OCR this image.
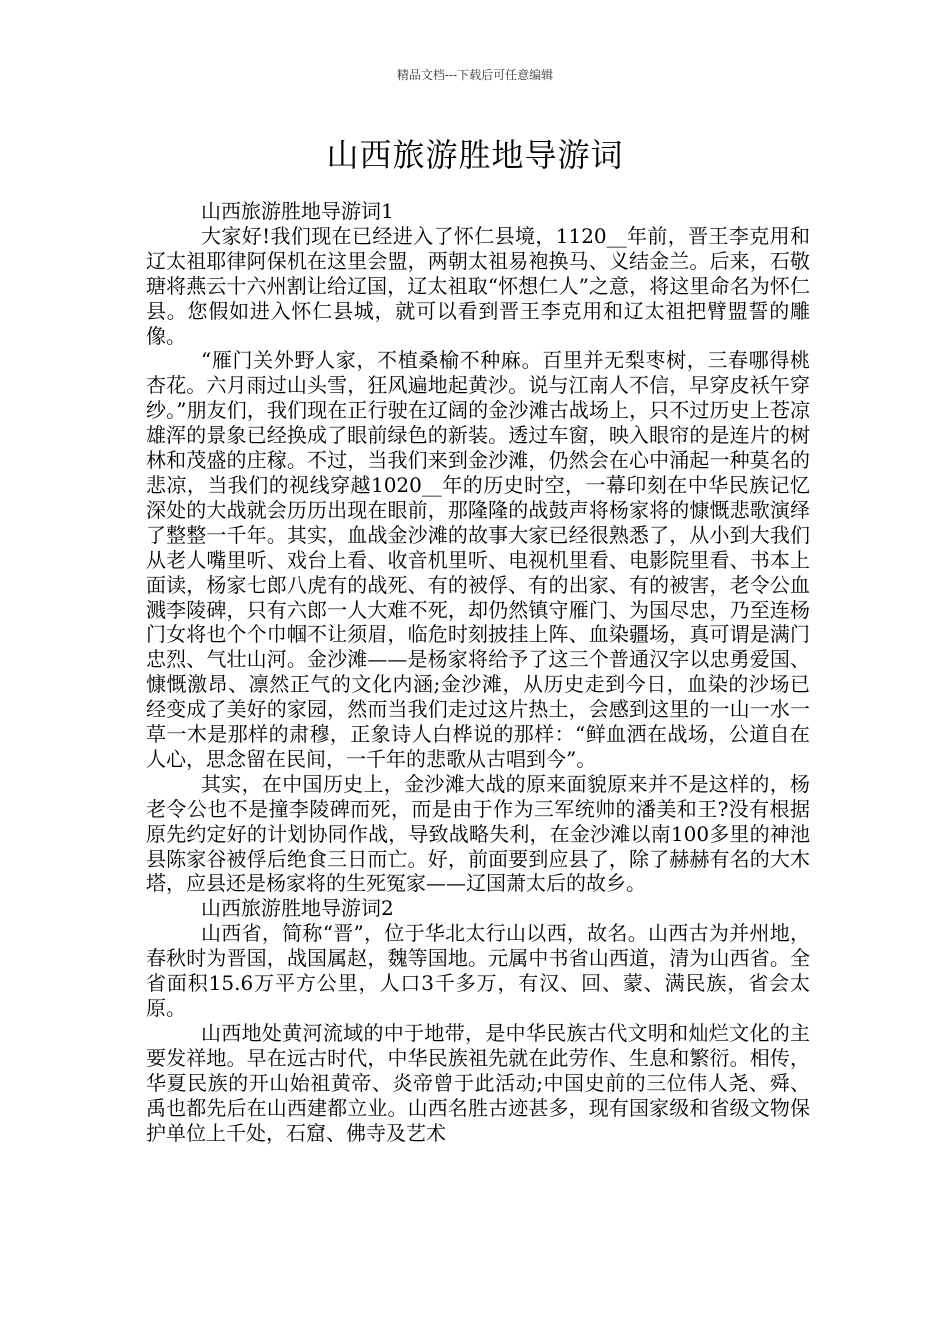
精品文档---下载后可任意编辑
山西旅游胜地导游词

山西旅游胜地导游词1

大家好!我们现在已经进入了怀仁县境，1120__年前，晋王李克用和辽太祖耶律阿保机在这里会盟，两朝太祖易袍换马、义结金兰。后来，石敬瑭将燕云十六州割让给辽国，辽太祖取“怀想仁人”之意，将这里命名为怀仁县。您假如进入怀仁县城，就可以看到晋王李克用和辽太祖把臂盟誓的雕像。

“雁门关外野人家，不植桑榆不种麻。百里并无梨枣树，三春哪得桃杏花。六月雨过山头雪，狂风遍地起黄沙。说与江南人不信，早穿皮袄午穿纱。”朋友们，我们现在正行驶在辽阔的金沙滩古战场上，只不过历史上苍凉雄浑的景象已经换成了眼前绿色的新装。透过车窗，映入眼帘的是连片的树林和茂盛的庄稼。不过，当我们来到金沙滩，仍然会在心中涌起一种莫名的悲凉，当我们的视线穿越1020__年的历史时空，一幕印刻在中华民族记忆深处的大战就会历历出现在眼前，那隆隆的战鼓声将杨家将的慷慨悲歌演绎了整整一千年。其实，血战金沙滩的故事大家已经很熟悉了，从小到大我们从老人嘴里听、戏台上看、收音机里听、电视机里看、电影院里看、书本上面读，杨家七郎八虎有的战死、有的被俘、有的出家、有的被害，老令公血溅李陵碑，只有六郎一人大难不死，却仍然镇守雁门、为国尽忠，乃至连杨门女将也个个巾帼不让须眉，临危时刻披挂上阵、血染疆场，真可谓是满门忠烈、气壮山河。金沙滩——是杨家将给予了这三个普通汉字以忠勇爱国、慷慨激昂、凛然正气的文化内涵;金沙滩，从历史走到今日，血染的沙场已经变成了美好的家园，然而当我们走过这片热土，会感到这里的一山一水一草一木是那样的肃穆，正象诗人白桦说的那样：“鲜血洒在战场，公道自在人心，思念留在民间，一千年的悲歌从古唱到今”。

其实，在中国历史上，金沙滩大战的原来面貌原来并不是这样的，杨老令公也不是撞李陵碑而死，而是由于作为三军统帅的潘美和王?没有根据原先约定好的计划协同作战，导致战略失利，在金沙滩以南100多里的神池县陈家谷被俘后绝食三日而亡。好，前面要到应县了，除了赫赫有名的大木塔，应县还是杨家将的生死冤家——辽国萧太后的故乡。

山西旅游胜地导游词2

山西省，简称“晋”，位于华北太行山以西，故名。山西古为并州地，春秋时为晋国，战国属赵，魏等国地。元属中书省山西道，清为山西省。全省面积15.6万平方公里，人口3千多万，有汉、回、蒙、满民族，省会太原。

山西地处黄河流域的中于地带，是中华民族古代文明和灿烂文化的主要发祥地。早在远古时代，中华民族祖先就在此劳作、生息和繁衍。相传，华夏民族的开山始祖黄帝、炎帝曾于此活动;中国史前的三位伟人尧、舜、禹也都先后在山西建都立业。山西名胜古迹甚多，现有国家级和省级文物保护单位上千处，石窟、佛寺及艺术
